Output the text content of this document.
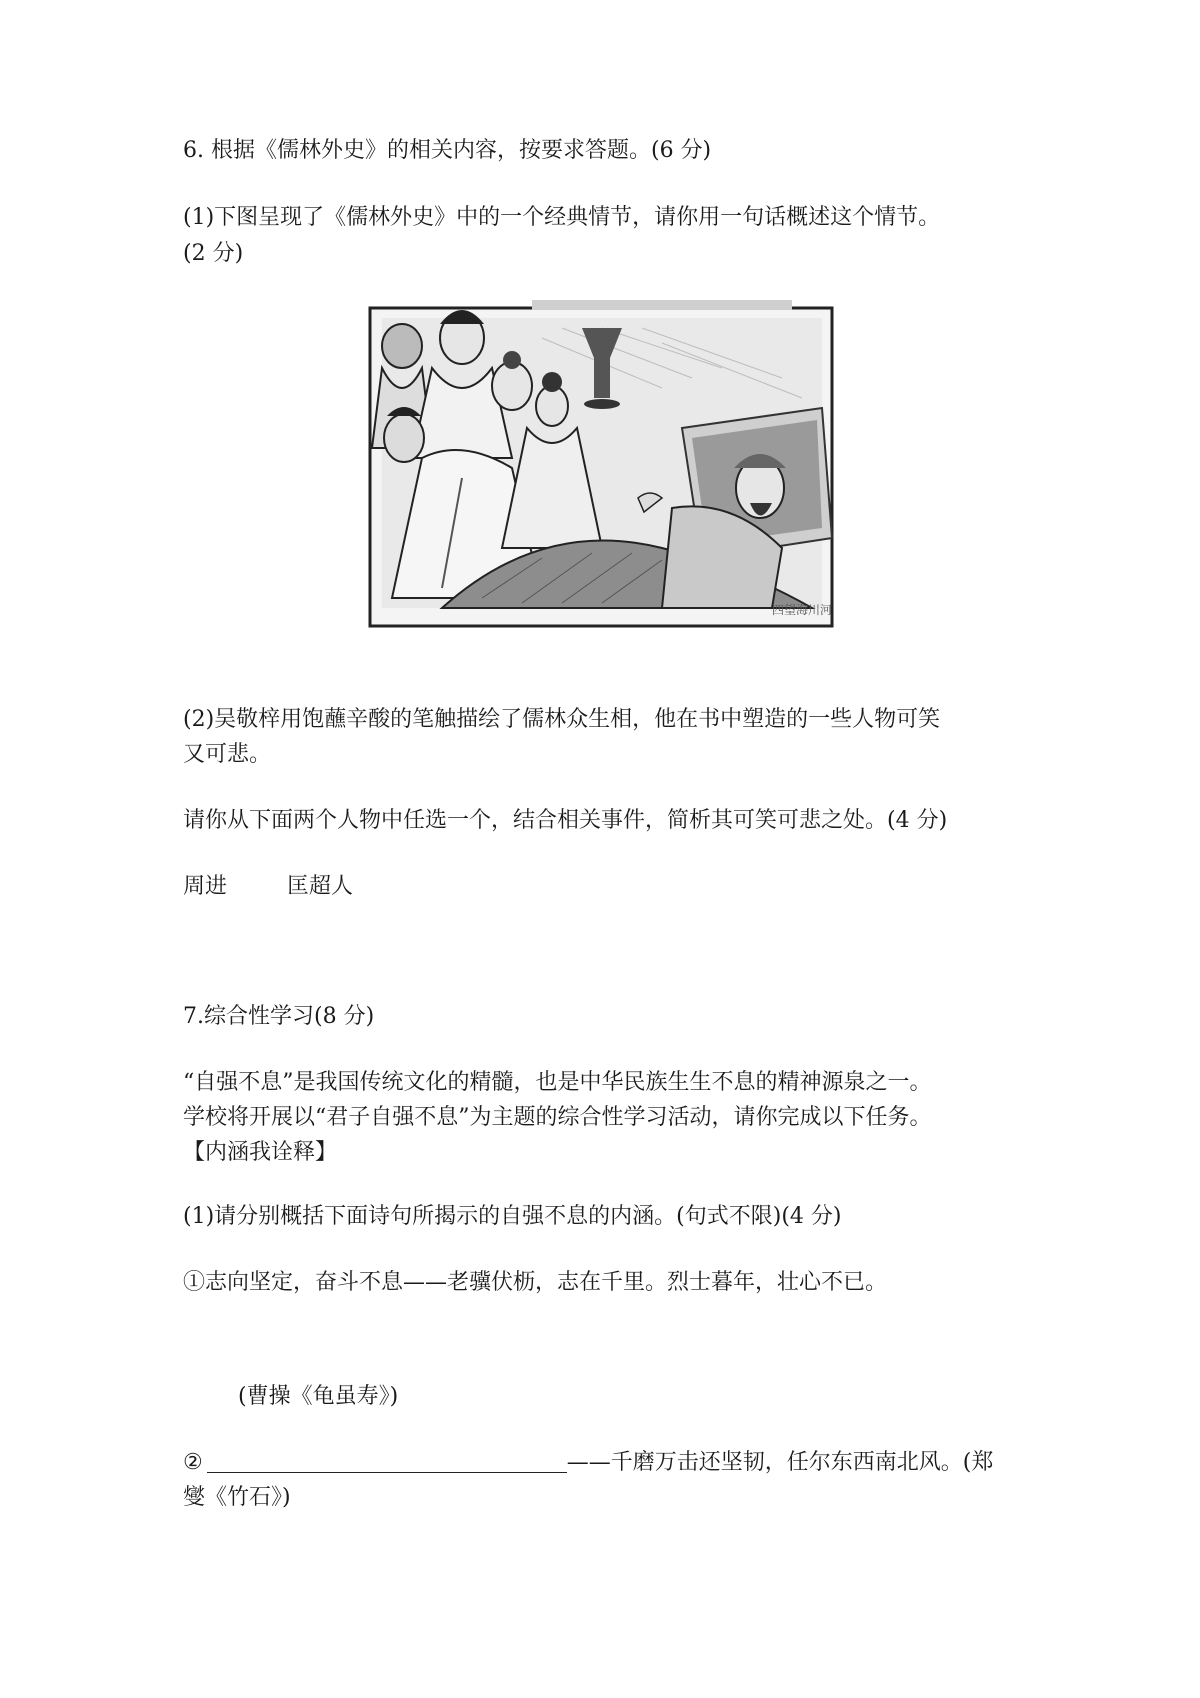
6. 根据《儒林外史》的相关内容，按要求答题。(6 分)
(1)下图呈现了《儒林外史》中的一个经典情节，请你用一句话概述这个情节。
(2 分)
四望海川河
(2)吴敬梓用饱蘸辛酸的笔触描绘了儒林众生相，他在书中塑造的一些人物可笑
又可悲。
请你从下面两个人物中任选一个，结合相关事件，简析其可笑可悲之处。(4 分)
周进	匡超人
7.综合性学习(8 分)
“自强不息”是我国传统文化的精髓，也是中华民族生生不息的精神源泉之一。
学校将开展以“君子自强不息”为主题的综合性学习活动，请你完成以下任务。
【内涵我诠释】
(1)请分别概括下面诗句所揭示的自强不息的内涵。(句式不限)(4 分)
①志向坚定，奋斗不息——老骥伏枥，志在千里。烈士暮年，壮心不已。
(曹操《龟虽寿》)
②	——千磨万击还坚韧，任尔东西南北风。(郑
燮《竹石》)
